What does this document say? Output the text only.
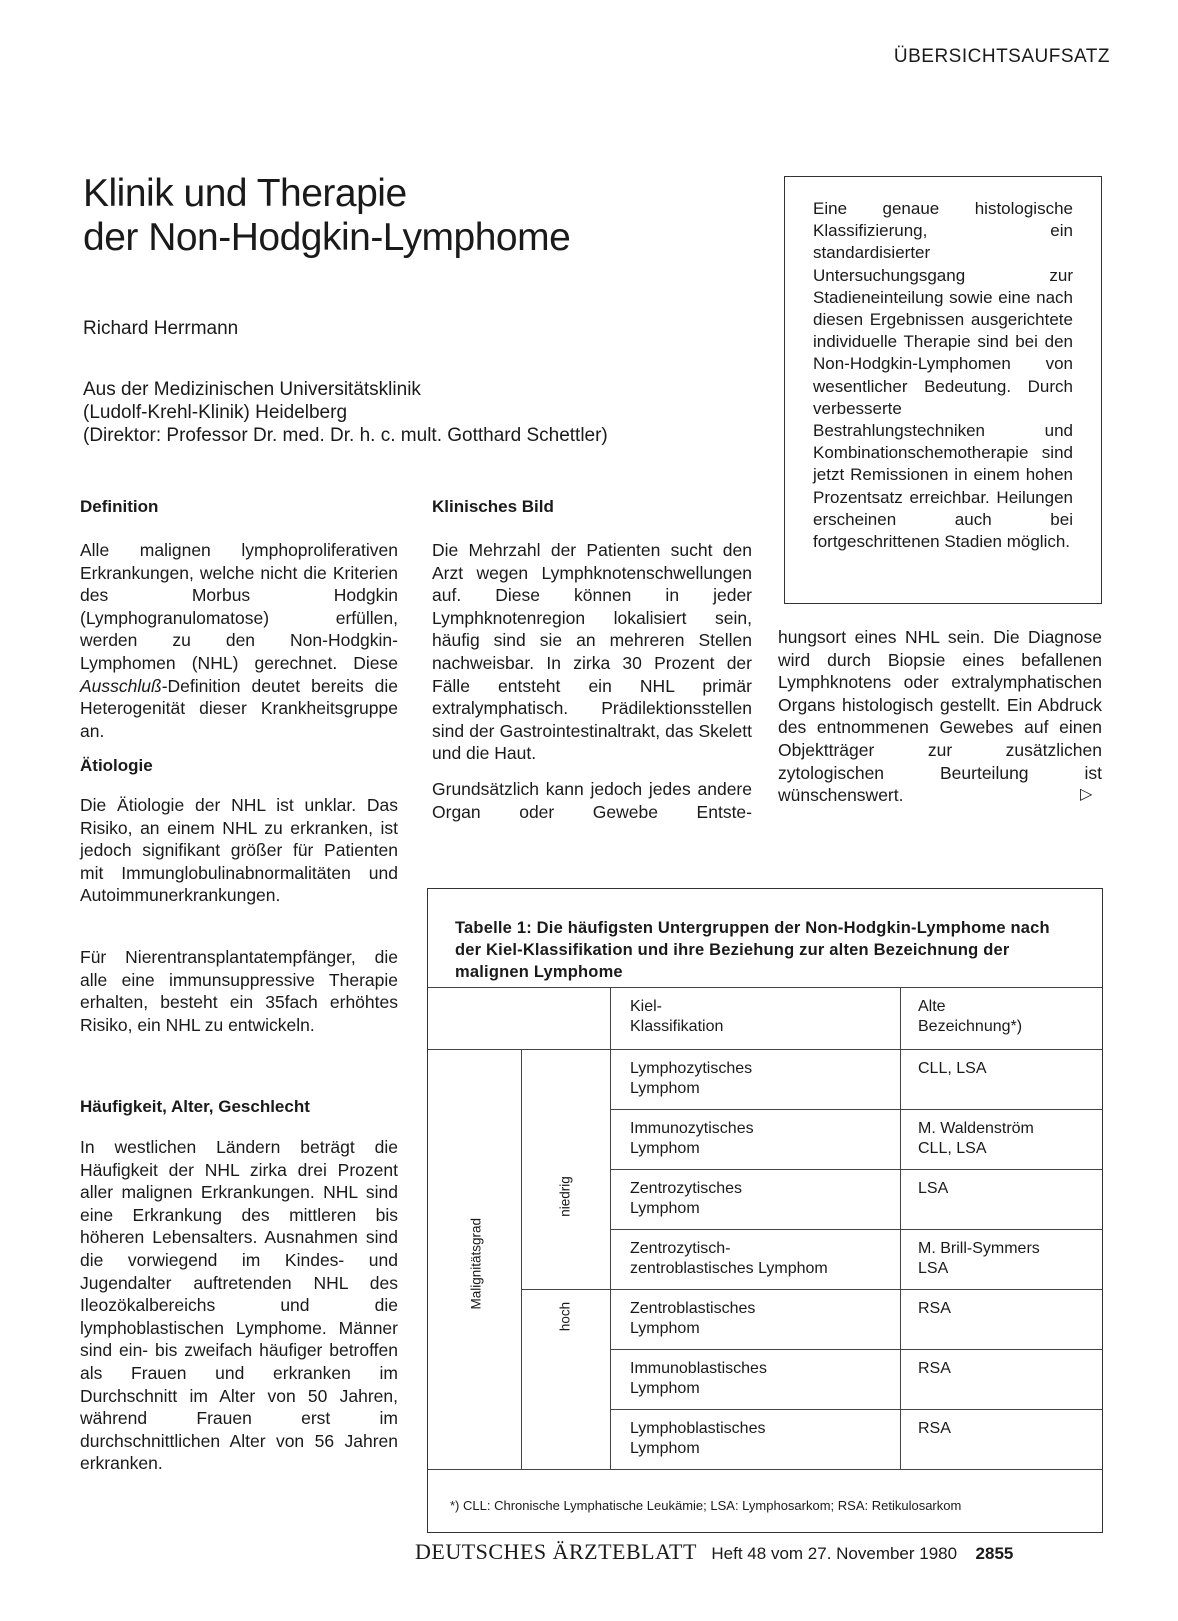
ÜBERSICHTSAUFSATZ
Klinik und Therapie
der Non-Hodgkin-Lymphome
Richard Herrmann
Aus der Medizinischen Universitätsklinik
(Ludolf-Krehl-Klinik) Heidelberg
(Direktor: Professor Dr. med. Dr. h. c. mult. Gotthard Schettler)

Eine genaue histologische Klassifizierung, ein standardisierter Untersuchungsgang zur Stadieneinteilung sowie eine nach diesen Ergebnissen ausgerichtete individuelle Therapie sind bei den Non-Hodgkin-Lymphomen von wesentlicher Bedeutung. Durch verbesserte Bestrahlungstechniken und Kombinationschemotherapie sind jetzt Remissionen in einem hohen Prozentsatz erreichbar. Heilungen erscheinen auch bei fortgeschrittenen Stadien möglich.

Definition
Alle malignen lymphoproliferativen Erkrankungen, welche nicht die Kriterien des Morbus Hodgkin (Lymphogranulomatose) erfüllen, werden zu den Non-Hodgkin-Lymphomen (NHL) gerechnet. Diese Ausschluß-Definition deutet bereits die Heterogenität dieser Krankheitsgruppe an.
Ätiologie
Die Ätiologie der NHL ist unklar. Das Risiko, an einem NHL zu erkranken, ist jedoch signifikant größer für Patienten mit Immunglobulinabnormalitäten und Autoimmunerkrankungen.
Für Nierentransplantatempfänger, die alle eine immunsuppressive Therapie erhalten, besteht ein 35fach erhöhtes Risiko, ein NHL zu entwickeln.
Häufigkeit, Alter, Geschlecht
In westlichen Ländern beträgt die Häufigkeit der NHL zirka drei Prozent aller malignen Erkrankungen. NHL sind eine Erkrankung des mittleren bis höheren Lebensalters. Ausnahmen sind die vorwiegend im Kindes- und Jugendalter auftretenden NHL des Ileozökalbereichs und die lymphoblastischen Lymphome. Männer sind ein- bis zweifach häufiger betroffen als Frauen und erkranken im Durchschnitt im Alter von 50 Jahren, während Frauen erst im durchschnittlichen Alter von 56 Jahren erkranken.
Klinisches Bild
Die Mehrzahl der Patienten sucht den Arzt wegen Lymphknotenschwellungen auf. Diese können in jeder Lymphknotenregion lokalisiert sein, häufig sind sie an mehreren Stellen nachweisbar. In zirka 30 Prozent der Fälle entsteht ein NHL primär extralymphatisch. Prädilektionsstellen sind der Gastrointestinaltrakt, das Skelett und die Haut.
Grundsätzlich kann jedoch jedes andere Organ oder Gewebe Entste-
hungsort eines NHL sein. Die Diagnose wird durch Biopsie eines befallenen Lymphknotens oder extralymphatischen Organs histologisch gestellt. Ein Abdruck des entnommenen Gewebes auf einen Objektträger zur zusätzlichen zytologischen Beurteilung ist wünschenswert.	▷
Tabelle 1: Die häufigsten Untergruppen der Non-Hodgkin-Lymphome nach der Kiel-Klassifikation und ihre Beziehung zur alten Bezeichnung der malignen Lymphome
Kiel-
Klassifikation
Alte
Bezeichnung*)
Malignitätsgrad
niedrig
hoch
Lymphozytisches
Lymphom
CLL, LSA
Immunozytisches
Lymphom
M. Waldenström
CLL, LSA
Zentrozytisches
Lymphom
LSA
Zentrozytisch-
zentroblastisches Lymphom
M. Brill-Symmers
LSA
Zentroblastisches
Lymphom
RSA
Immunoblastisches
Lymphom
RSA
Lymphoblastisches
Lymphom
RSA
*) CLL: Chronische Lymphatische Leukämie; LSA: Lymphosarkom; RSA: Retikulosarkom
DEUTSCHES ÄRZTEBLATT Heft 48 vom 27. November 1980 2855
